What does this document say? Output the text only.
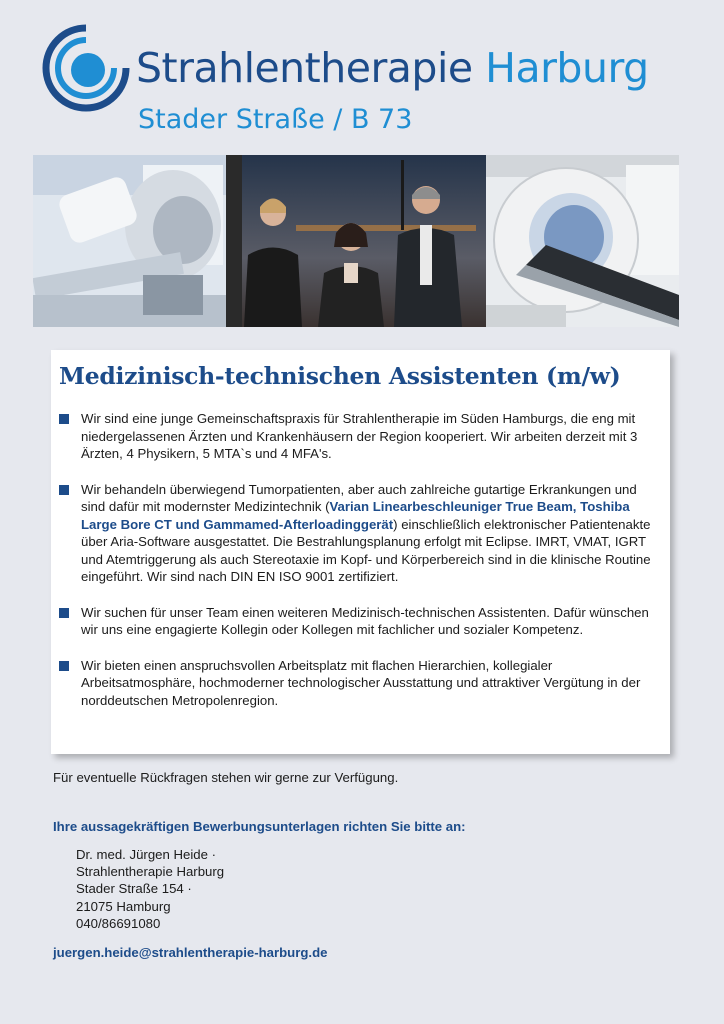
Strahlentherapie Harburg
Stader Straße / B 73
Medizinisch-technischen Assistenten (m/w)
Wir sind eine junge Gemeinschaftspraxis für Strahlentherapie im Süden Hamburgs, die eng mit niedergelassenen Ärzten und Krankenhäusern der Region kooperiert. Wir arbeiten derzeit mit 3 Ärzten, 4 Physikern, 5 MTA`s und 4 MFA's.
Wir behandeln überwiegend Tumorpatienten, aber auch zahlreiche gutartige Erkrankungen und sind dafür mit modernster Medizintechnik (Varian Linearbeschleuniger True Beam, Toshiba Large Bore CT und Gammamed-Afterloadinggerät) einschließlich elektronischer Patientenakte über Aria-Software ausgestattet. Die Bestrahlungsplanung erfolgt mit Eclipse. IMRT, VMAT, IGRT und Atemtriggerung als auch Stereotaxie im Kopf- und Körperbereich sind in die klinische Routine eingeführt. Wir sind nach DIN EN ISO 9001 zertifiziert.
Wir suchen für unser Team einen weiteren Medizinisch-technischen Assistenten. Dafür wünschen wir uns eine engagierte Kollegin oder Kollegen mit fachlicher und sozialer Kompetenz.
Wir bieten einen anspruchsvollen Arbeitsplatz mit flachen Hierarchien, kollegialer Arbeitsatmosphäre, hochmoderner technologischer Ausstattung und attraktiver Vergütung in der norddeutschen Metropolenregion.
Für eventuelle Rückfragen stehen wir gerne zur Verfügung.
Ihre aussagekräftigen Bewerbungsunterlagen richten Sie bitte an:
Dr. med. Jürgen Heide ·
Strahlentherapie Harburg
Stader Straße 154 ·
21075 Hamburg
040/86691080
juergen.heide@strahlentherapie-harburg.de
